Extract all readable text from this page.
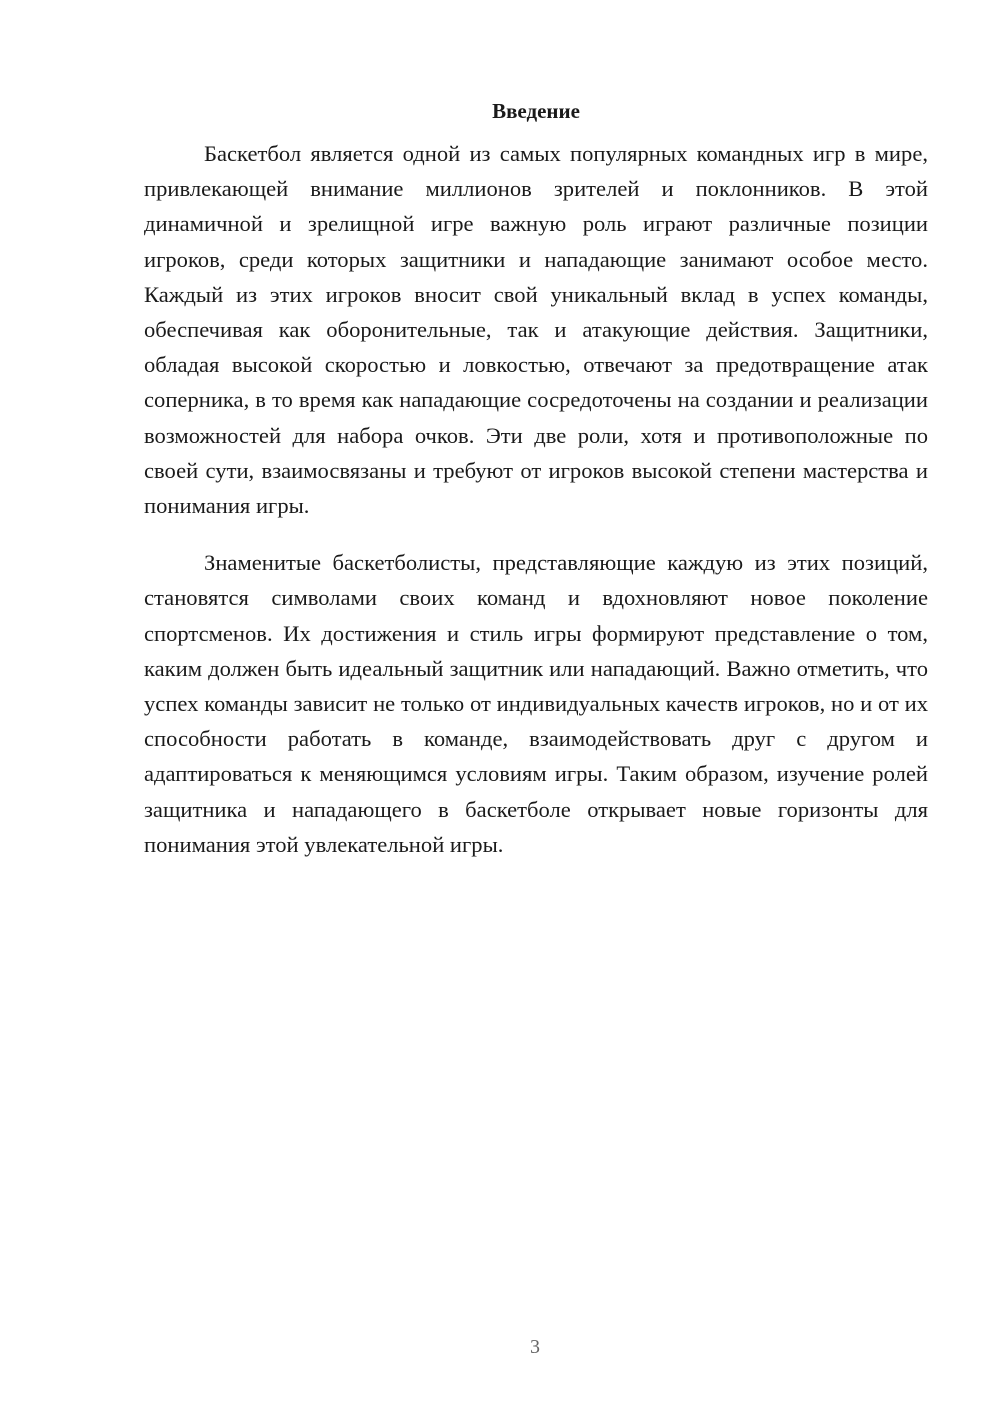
Введение

Баскетбол является одной из самых популярных командных игр в мире, привлекающей внимание миллионов зрителей и поклонников. В этой динамичной и зрелищной игре важную роль играют различные позиции игроков, среди которых защитники и нападающие занимают особое место. Каждый из этих игроков вносит свой уникальный вклад в успех команды, обеспечивая как оборонительные, так и атакующие действия. Защитники, обладая высокой скоростью и ловкостью, отвечают за предотвращение атак соперника, в то время как нападающие сосредоточены на создании и реализации возможностей для набора очков. Эти две роли, хотя и противоположные по своей сути, взаимосвязаны и требуют от игроков высокой степени мастерства и понимания игры.

Знаменитые баскетболисты, представляющие каждую из этих позиций, становятся символами своих команд и вдохновляют новое поколение спортсменов. Их достижения и стиль игры формируют представление о том, каким должен быть идеальный защитник или нападающий. Важно отметить, что успех команды зависит не только от индивидуальных качеств игроков, но и от их способности работать в команде, взаимодействовать друг с другом и адаптироваться к меняющимся условиям игры. Таким образом, изучение ролей защитника и нападающего в баскетболе открывает новые горизонты для понимания этой увлекательной игры.

3
